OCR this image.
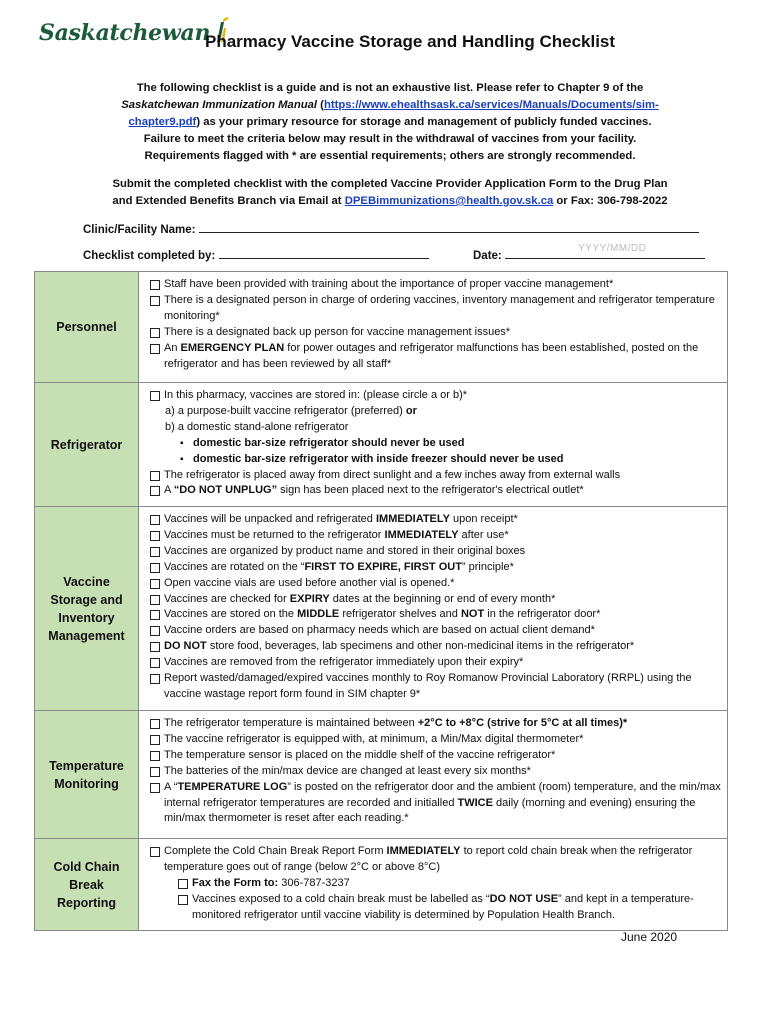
Saskatchewan
Pharmacy Vaccine Storage and Handling Checklist
The following checklist is a guide and is not an exhaustive list. Please refer to Chapter 9 of the
Saskatchewan Immunization Manual (https://www.ehealthsask.ca/services/Manuals/Documents/sim-
chapter9.pdf) as your primary resource for storage and management of publicly funded vaccines.
Failure to meet the criteria below may result in the withdrawal of vaccines from your facility.
Requirements flagged with * are essential requirements; others are strongly recommended.
Submit the completed checklist with the completed Vaccine Provider Application Form to the Drug Plan
and Extended Benefits Branch via Email at DPEBimmunizations@health.gov.sk.ca or Fax: 306-798-2022
Clinic/Facility Name:
Checklist completed by:	Date:
YYYY/MM/DD
Personnel
Staff have been provided with training about the importance of proper vaccine management*
There is a designated person in charge of ordering vaccines, inventory management and refrigerator temperature monitoring*
There is a designated back up person for vaccine management issues*
An EMERGENCY PLAN for power outages and refrigerator malfunctions has been established, posted on the refrigerator and has been reviewed by all staff*
Refrigerator
In this pharmacy, vaccines are stored in: (please circle a or b)*
a) a purpose-built vaccine refrigerator (preferred) or
b) a domestic stand-alone refrigerator
▪ domestic bar-size refrigerator should never be used
▪ domestic bar-size refrigerator with inside freezer should never be used
The refrigerator is placed away from direct sunlight and a few inches away from external walls
A “DO NOT UNPLUG” sign has been placed next to the refrigerator's electrical outlet*
Vaccine
Storage and
Inventory
Management
Vaccines will be unpacked and refrigerated IMMEDIATELY upon receipt*
Vaccines must be returned to the refrigerator IMMEDIATELY after use*
Vaccines are organized by product name and stored in their original boxes
Vaccines are rotated on the “FIRST TO EXPIRE, FIRST OUT” principle*
Open vaccine vials are used before another vial is opened.*
Vaccines are checked for EXPIRY dates at the beginning or end of every month*
Vaccines are stored on the MIDDLE refrigerator shelves and NOT in the refrigerator door*
Vaccine orders are based on pharmacy needs which are based on actual client demand*
DO NOT store food, beverages, lab specimens and other non-medicinal items in the refrigerator*
Vaccines are removed from the refrigerator immediately upon their expiry*
Report wasted/damaged/expired vaccines monthly to Roy Romanow Provincial Laboratory (RRPL) using the vaccine wastage report form found in SIM chapter 9*
Temperature
Monitoring
The refrigerator temperature is maintained between +2°C to +8°C (strive for 5°C at all times)*
The vaccine refrigerator is equipped with, at minimum, a Min/Max digital thermometer*
The temperature sensor is placed on the middle shelf of the vaccine refrigerator*
The batteries of the min/max device are changed at least every six months*
A “TEMPERATURE LOG” is posted on the refrigerator door and the ambient (room) temperature, and the min/max internal refrigerator temperatures are recorded and initialled TWICE daily (morning and evening) ensuring the min/max thermometer is reset after each reading.*
Cold Chain
Break
Reporting
Complete the Cold Chain Break Report Form IMMEDIATELY to report cold chain break when the refrigerator temperature goes out of range (below 2°C or above 8°C)
Fax the Form to: 306-787-3237
Vaccines exposed to a cold chain break must be labelled as “DO NOT USE” and kept in a temperature-monitored refrigerator until vaccine viability is determined by Population Health Branch.
June 2020
